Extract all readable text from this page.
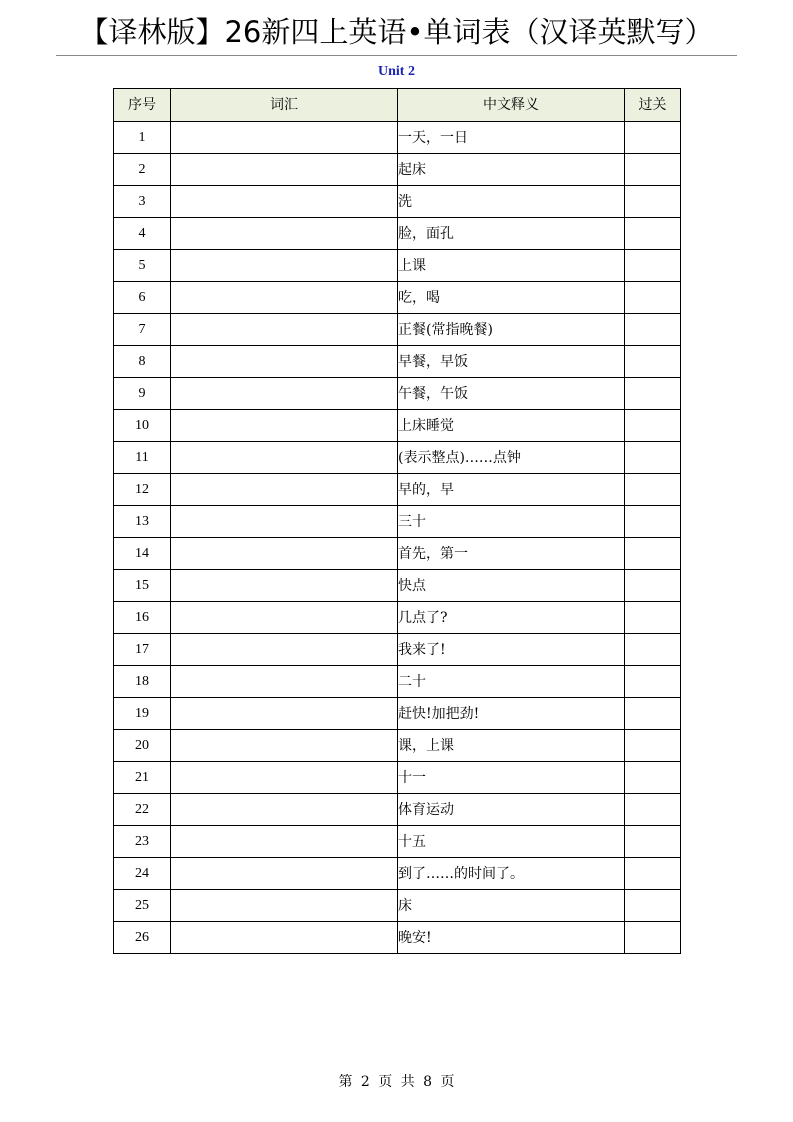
【译林版】26新四上英语•单词表（汉译英默写）
Unit 2
序号	词汇	中文释义	过关
1		一天，一日	
2		起床	
3		洗	
4		脸，面孔	
5		上课	
6		吃，喝	
7		正餐(常指晚餐)	
8		早餐，早饭	
9		午餐，午饭	
10		上床睡觉	
11		(表示整点)……点钟	
12		早的，早	
13		三十	
14		首先，第一	
15		快点	
16		几点了?	
17		我来了!	
18		二十	
19		赶快!加把劲!	
20		课，上课	
21		十一	
22		体育运动	
23		十五	
24		到了……的时间了。	
25		床	
26		晚安!	
第 2 页 共 8 页
